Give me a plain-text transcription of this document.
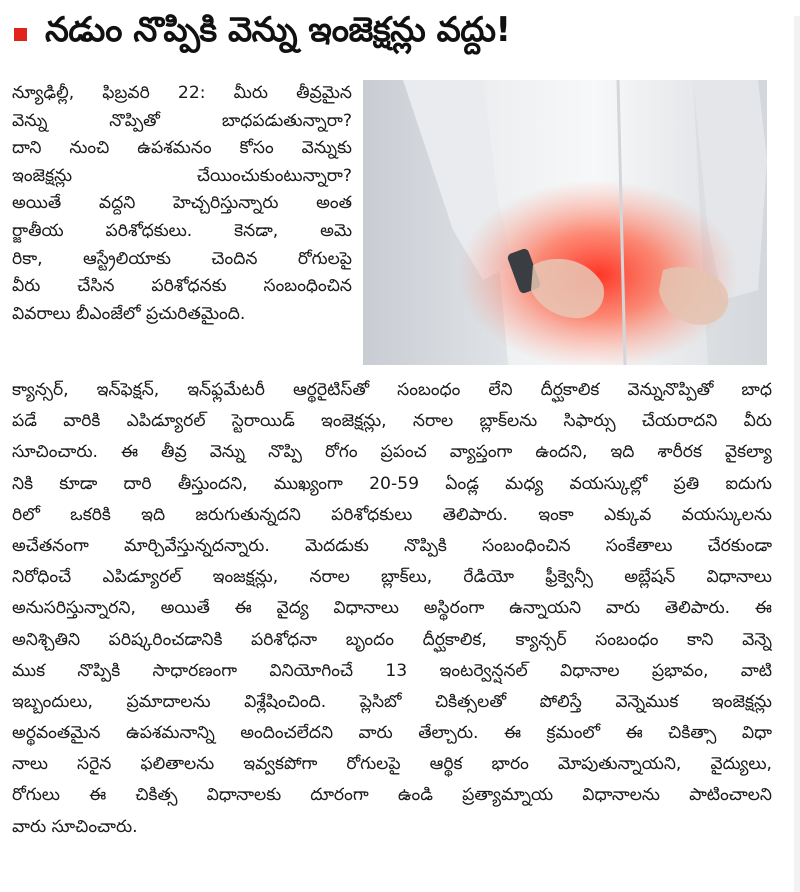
నడుం నొప్పికి వెన్ను ఇంజెక్షన్లు వద్దు!
న్యూఢిల్లీ, ఫిబ్రవరి 22: మీరు తీవ్రమైన
వెన్ను నొప్పితో బాధపడుతున్నారా?
దాని నుంచి ఉపశమనం కోసం వెన్నుకు
ఇంజెక్షన్లు చేయించుకుంటున్నారా?
అయితే వద్దని హెచ్చరిస్తున్నారు అంత
ర్జాతీయ పరిశోధకులు. కెనడా, అమె
రికా, ఆస్ట్రేలియాకు చెందిన రోగులపై
వీరు చేసిన పరిశోధనకు సంబంధించిన
వివరాలు బీఎంజేలో ప్రచురితమైంది.
క్యాన్సర్, ఇన్‌ఫెక్షన్, ఇన్‌ఫ్లమేటరీ ఆర్థరైటిస్‌తో సంబంధం లేని దీర్ఘకాలిక వెన్నునొప్పితో బాధ
పడే వారికి ఎపిడ్యూరల్ స్టెరాయిడ్ ఇంజెక్షన్లు, నరాల బ్లాక్‌లను సిఫార్సు చేయరాదని వీరు
సూచించారు. ఈ తీవ్ర వెన్ను నొప్పి రోగం ప్రపంచ వ్యాప్తంగా ఉందని, ఇది శారీరక వైకల్యా
నికి కూడా దారి తీస్తుందని, ముఖ్యంగా 20-59 ఏండ్ల మధ్య వయస్కుల్లో ప్రతి ఐదుగు
రిలో ఒకరికి ఇది జరుగుతున్నదని పరిశోధకులు తెలిపారు. ఇంకా ఎక్కువ వయస్కులను
అచేతనంగా మార్చివేస్తున్నదన్నారు. మెదడుకు నొప్పికి సంబంధించిన సంకేతాలు చేరకుండా
నిరోధించే ఎపిడ్యూరల్ ఇంజక్షన్లు, నరాల బ్లాక్‌లు, రేడియో ఫ్రీక్వెన్సీ అబ్లేషన్ విధానాలు
అనుసరిస్తున్నారని, అయితే ఈ వైద్య విధానాలు అస్థిరంగా ఉన్నాయని వారు తెలిపారు. ఈ
అనిశ్చితిని పరిష్కరించడానికి పరిశోధనా బృందం దీర్ఘకాలిక, క్యాన్సర్ సంబంధం కాని వెన్నె
ముక నొప్పికి సాధారణంగా వినియోగించే 13 ఇంటర్వెన్షనల్ విధానాల ప్రభావం, వాటి
ఇబ్బందులు, ప్రమాదాలను విశ్లేషించింది. ప్లెసిబో చికిత్సలతో పోలిస్తే వెన్నెముక ఇంజెక్షన్లు
అర్థవంతమైన ఉపశమనాన్ని అందించలేదని వారు తేల్చారు. ఈ క్రమంలో ఈ చికిత్సా విధా
నాలు సరైన ఫలితాలను ఇవ్వకపోగా రోగులపై ఆర్థిక భారం మోపుతున్నాయని, వైద్యులు,
రోగులు ఈ చికిత్స విధానాలకు దూరంగా ఉండి ప్రత్యామ్నాయ విధానాలను పాటించాలని
వారు సూచించారు.
